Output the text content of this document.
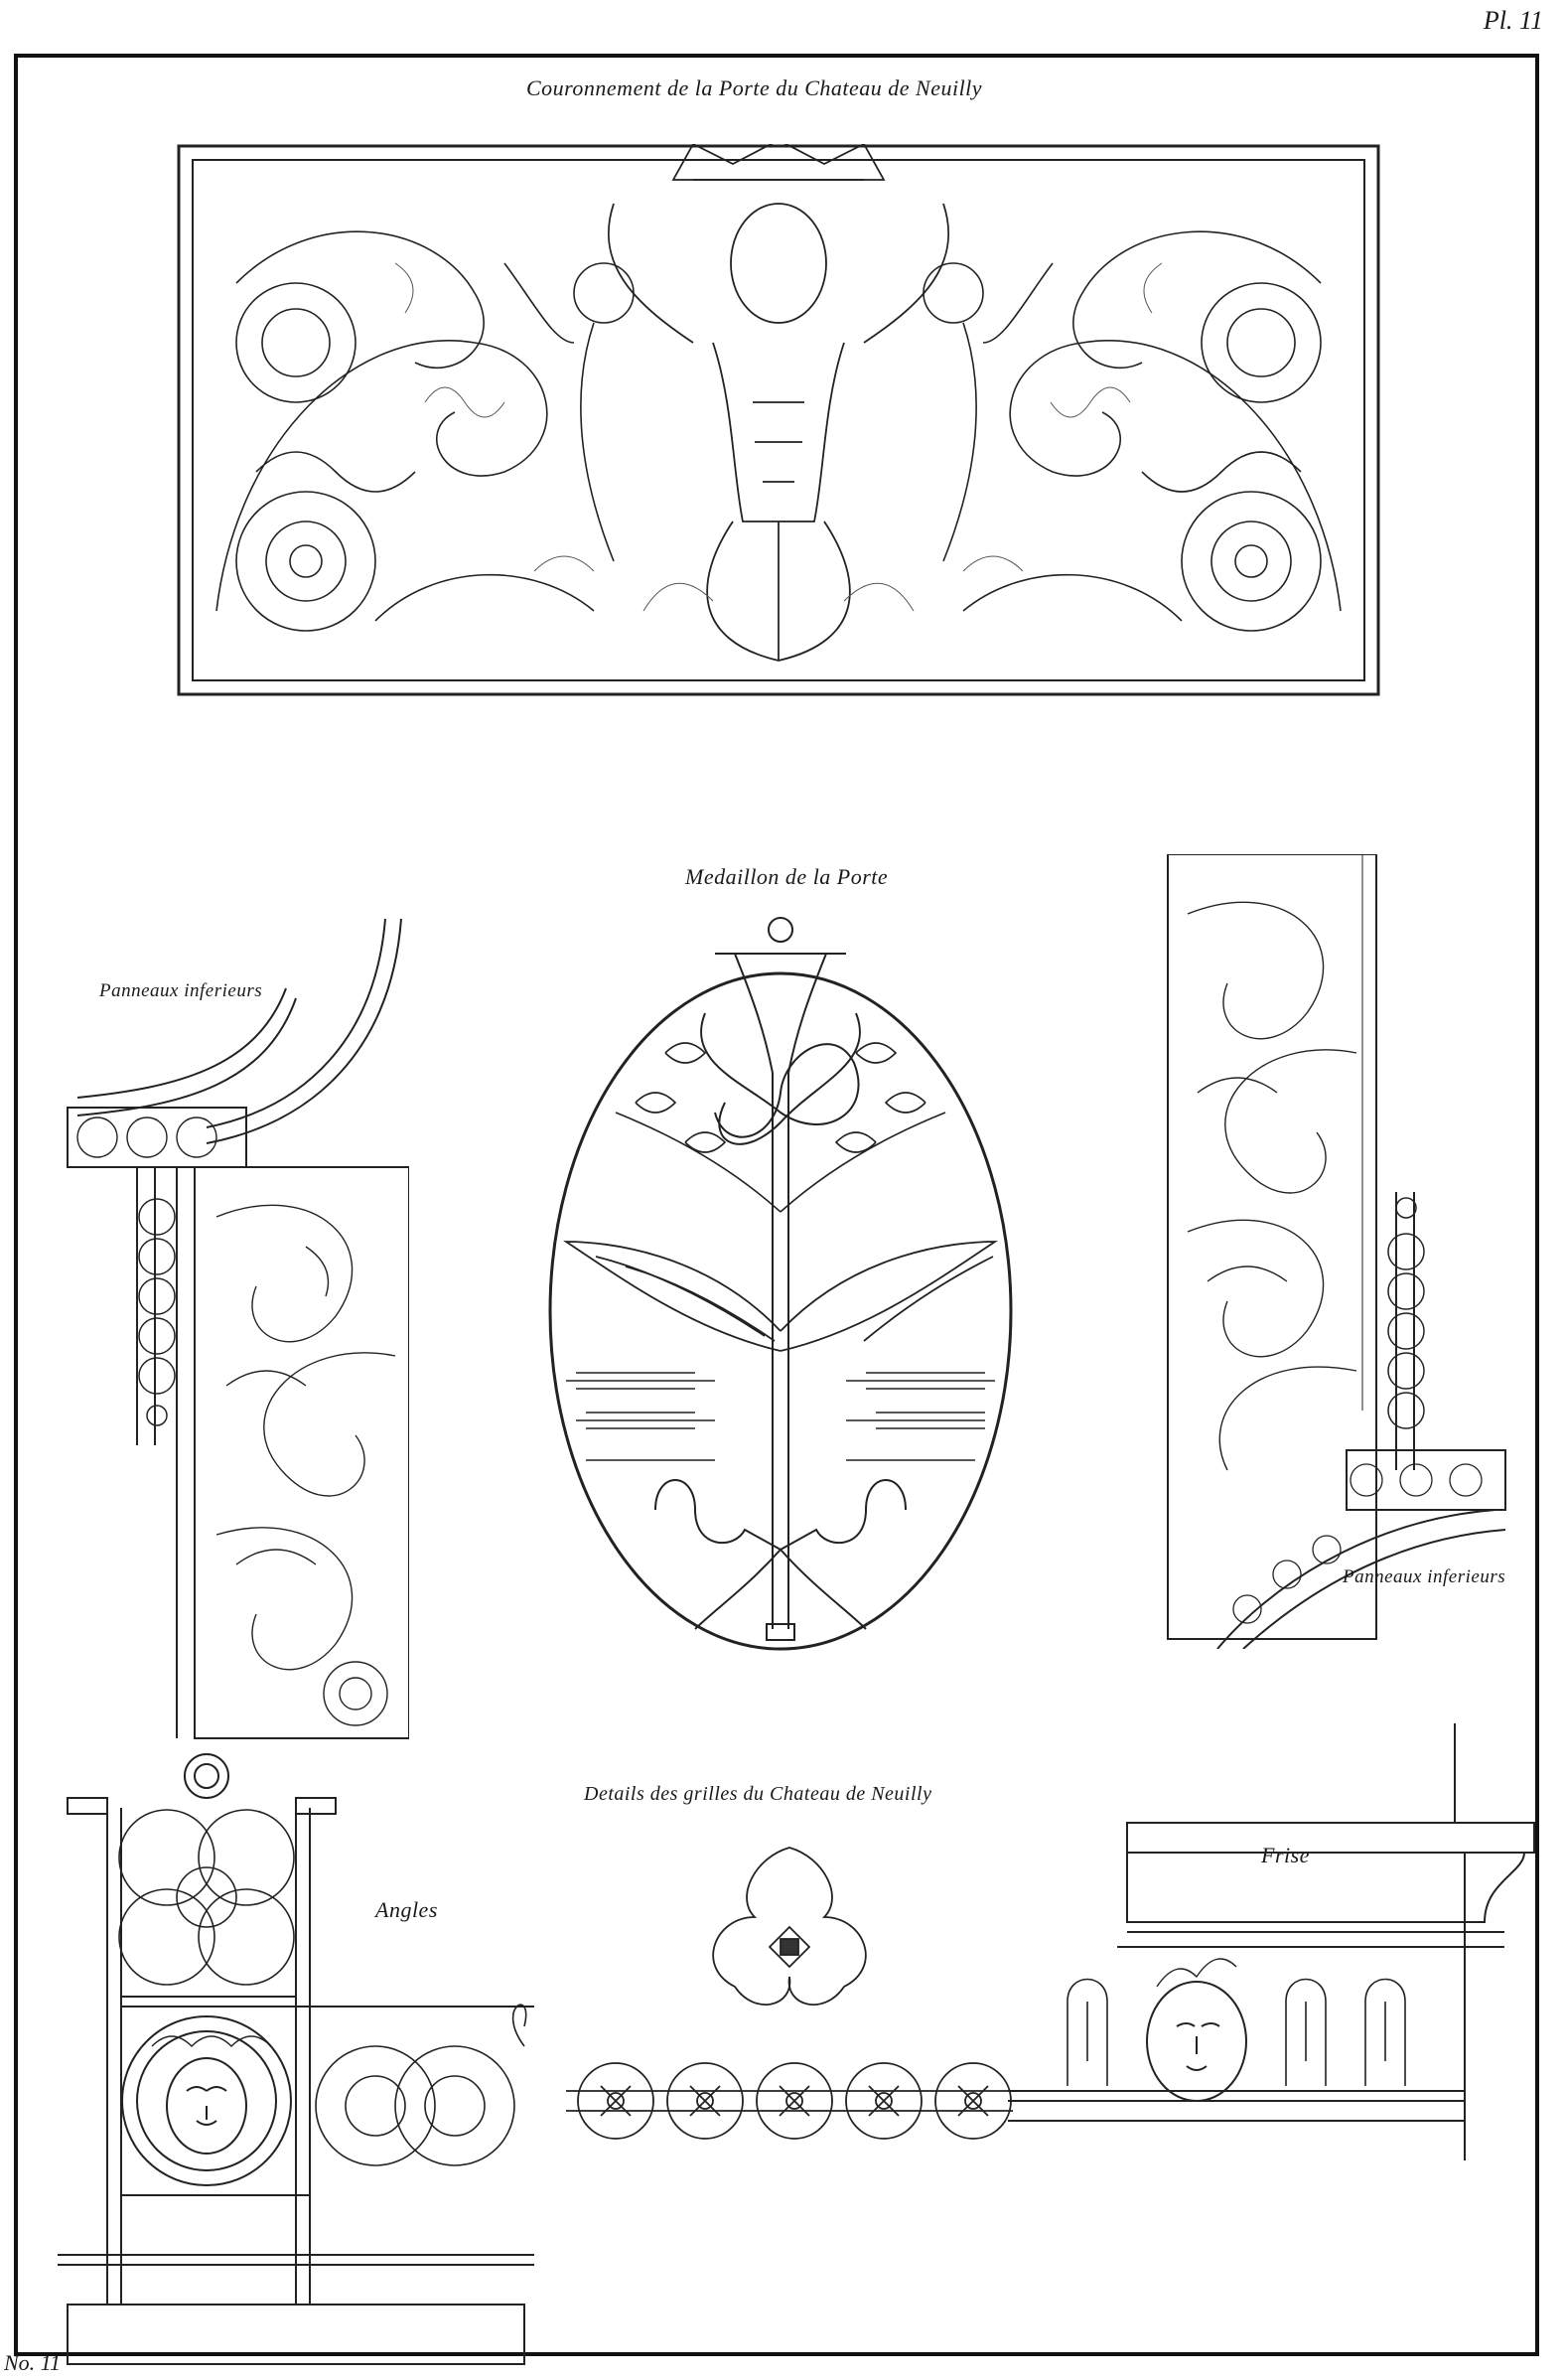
Pl. 11
Couronnement de la Porte du Chateau de Neuilly
Medaillon de la Porte
Panneaux inferieurs
Panneaux inferieurs
Details des grilles du Chateau de Neuilly
Angles
Frise
No. 11
